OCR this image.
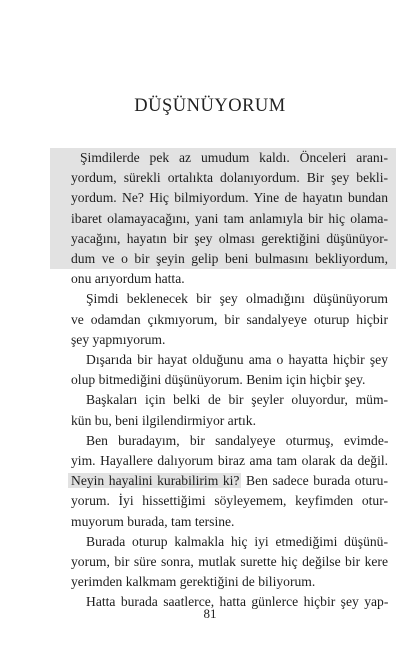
DÜŞÜNÜYORUM
Şimdilerde pek az umudum kaldı. Önceleri aranı-
yordum, sürekli ortalıkta dolanıyordum. Bir şey bekli-
yordum. Ne? Hiç bilmiyordum. Yine de hayatın bundan
ibaret olamayacağını, yani tam anlamıyla bir hiç olama-
yacağını, hayatın bir şey olması gerektiğini düşünüyor-
dum ve o bir şeyin gelip beni bulmasını bekliyordum,
onu arıyordum hatta.
Şimdi beklenecek bir şey olmadığını düşünüyorum
ve odamdan çıkmıyorum, bir sandalyeye oturup hiçbir
şey yapmıyorum.
Dışarıda bir hayat olduğunu ama o hayatta hiçbir şey
olup bitmediğini düşünüyorum. Benim için hiçbir şey.
Başkaları için belki de bir şeyler oluyordur, müm-
kün bu, beni ilgilendirmiyor artık.
Ben buradayım, bir sandalyeye oturmuş, evimde-
yim. Hayallere dalıyorum biraz ama tam olarak da değil.
Neyin hayalini kurabilirim ki? Ben sadece burada oturu-
yorum. İyi hissettiğimi söyleyemem, keyfimden otur-
muyorum burada, tam tersine.
Burada oturup kalmakla hiç iyi etmediğimi düşünü-
yorum, bir süre sonra, mutlak surette hiç değilse bir kere
yerimden kalkmam gerektiğini de biliyorum.
Hatta burada saatlerce, hatta günlerce hiçbir şey yap-
81
